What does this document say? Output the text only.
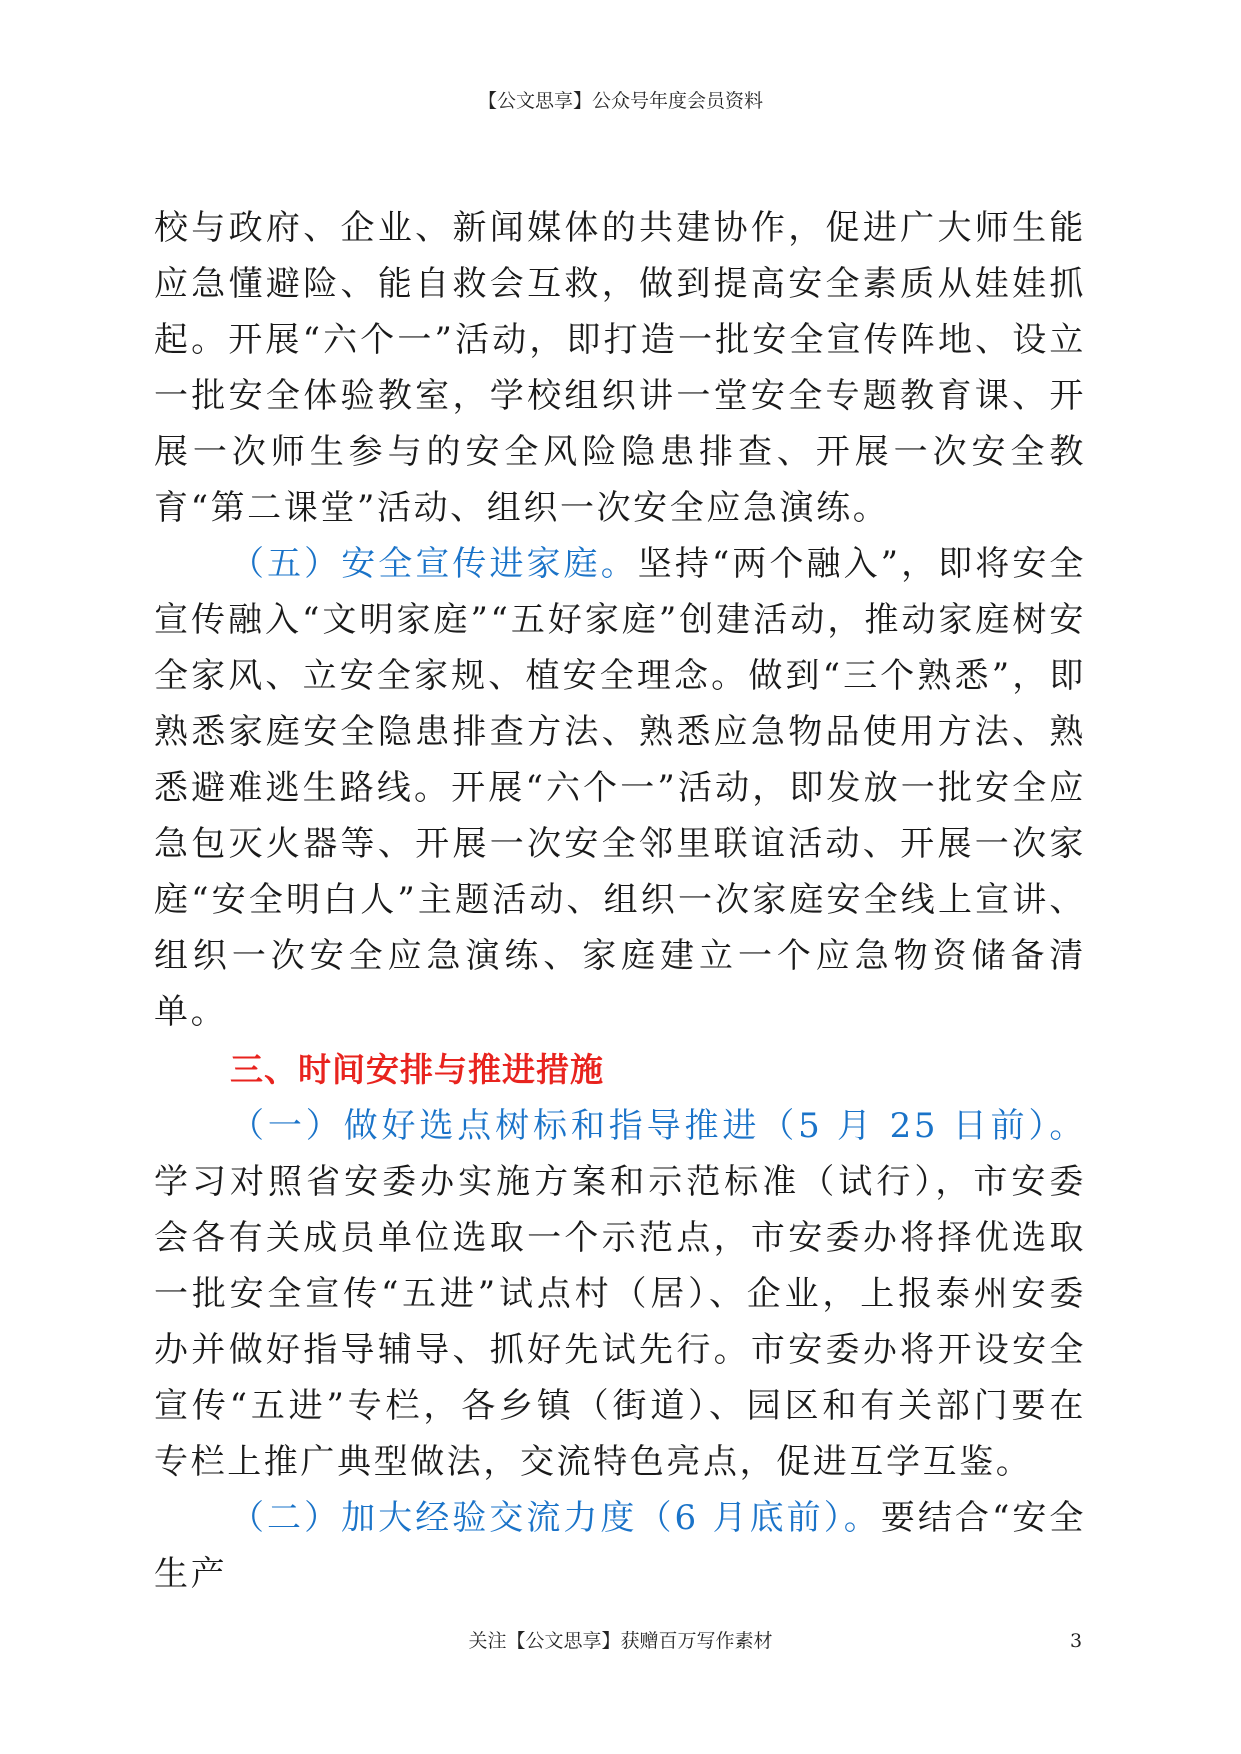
【公文思享】公众号年度会员资料

校与政府、企业、新闻媒体的共建协作，促进广大师生能应急懂避险、能自救会互救，做到提高安全素质从娃娃抓起。开展“六个一”活动，即打造一批安全宣传阵地、设立一批安全体验教室，学校组织讲一堂安全专题教育课、开展一次师生参与的安全风险隐患排查、开展一次安全教育“第二课堂”活动、组织一次安全应急演练。

（五）安全宣传进家庭。坚持“两个融入”，即将安全宣传融入“文明家庭”“五好家庭”创建活动，推动家庭树安全家风、立安全家规、植安全理念。做到“三个熟悉”，即熟悉家庭安全隐患排查方法、熟悉应急物品使用方法、熟悉避难逃生路线。开展“六个一”活动，即发放一批安全应急包灭火器等、开展一次安全邻里联谊活动、开展一次家庭“安全明白人”主题活动、组织一次家庭安全线上宣讲、组织一次安全应急演练、家庭建立一个应急物资储备清单。

三、时间安排与推进措施

（一）做好选点树标和指导推进（5 月 25 日前）。学习对照省安委办实施方案和示范标准（试行），市安委会各有关成员单位选取一个示范点，市安委办将择优选取一批安全宣传“五进”试点村（居）、企业，上报泰州安委办并做好指导辅导、抓好先试先行。市安委办将开设安全宣传“五进”专栏，各乡镇（街道）、园区和有关部门要在专栏上推广典型做法，交流特色亮点，促进互学互鉴。

（二）加大经验交流力度（6 月底前）。要结合“安全生产

关注【公文思享】获赠百万写作素材	3
